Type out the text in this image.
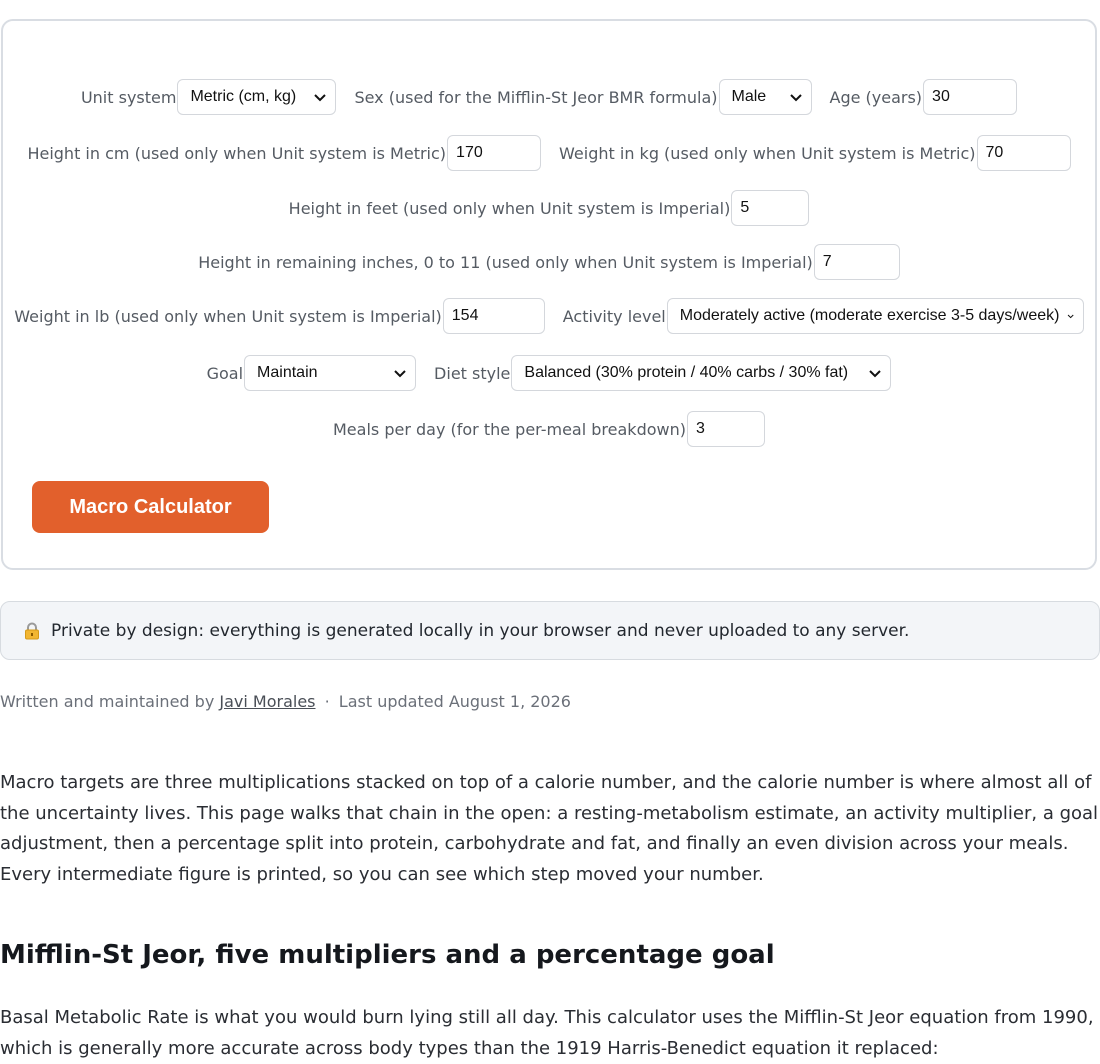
Unit system Metric (cm, kg)	Sex (used for the Mifflin-St Jeor BMR formula) Male	Age (years) 30
Height in cm (used only when Unit system is Metric) 170	Weight in kg (used only when Unit system is Metric) 70
Height in feet (used only when Unit system is Imperial) 5
Height in remaining inches, 0 to 11 (used only when Unit system is Imperial) 7
Weight in lb (used only when Unit system is Imperial) 154	Activity level Moderately active (moderate exercise 3-5 days/week)
Goal Maintain	Diet style Balanced (30% protein / 40% carbs / 30% fat)
Meals per day (for the per-meal breakdown) 3
Macro Calculator
Private by design: everything is generated locally in your browser and never uploaded to any server.
Written and maintained by Javi Morales · Last updated August 1, 2026

Macro targets are three multiplications stacked on top of a calorie number, and the calorie number is where almost all of the uncertainty lives. This page walks that chain in the open: a resting-metabolism estimate, an activity multiplier, a goal adjustment, then a percentage split into protein, carbohydrate and fat, and finally an even division across your meals. Every intermediate figure is printed, so you can see which step moved your number.

Mifflin-St Jeor, five multipliers and a percentage goal

Basal Metabolic Rate is what you would burn lying still all day. This calculator uses the Mifflin-St Jeor equation from 1990, which is generally more accurate across body types than the 1919 Harris-Benedict equation it replaced:
